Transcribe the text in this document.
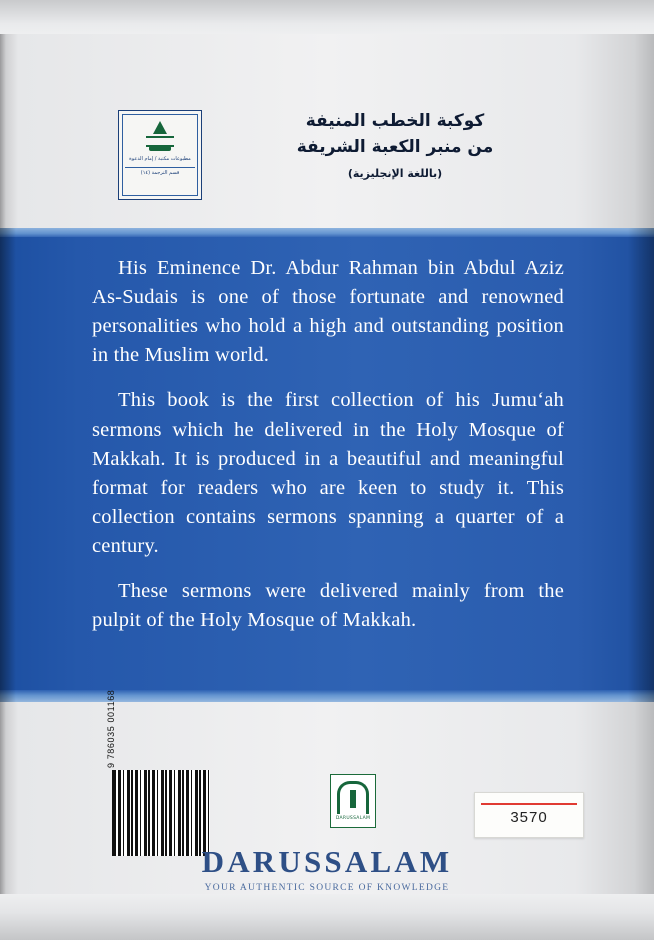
مطبوعات مكتبة / إمام الدعوة
قسم الترجمة (١٤)
كوكبة الخطب المنيفة
من منبر الكعبة الشريفة
(باللغة الإنجليزية)

His Eminence Dr. Abdur Rahman bin Abdul Aziz As-Sudais is one of those fortunate and renowned personalities who hold a high and outstanding position in the Muslim world.

This book is the first collection of his Jumu‘ah sermons which he delivered in the Holy Mosque of Makkah. It is produced in a beautiful and meaningful format for readers who are keen to study it. This collection contains sermons spanning a quarter of a century.

These sermons were delivered mainly from the pulpit of the Holy Mosque of Makkah.

9 786035 001168
DARUSSALAM	3570
DARUSSALAM
YOUR AUTHENTIC SOURCE OF KNOWLEDGE
